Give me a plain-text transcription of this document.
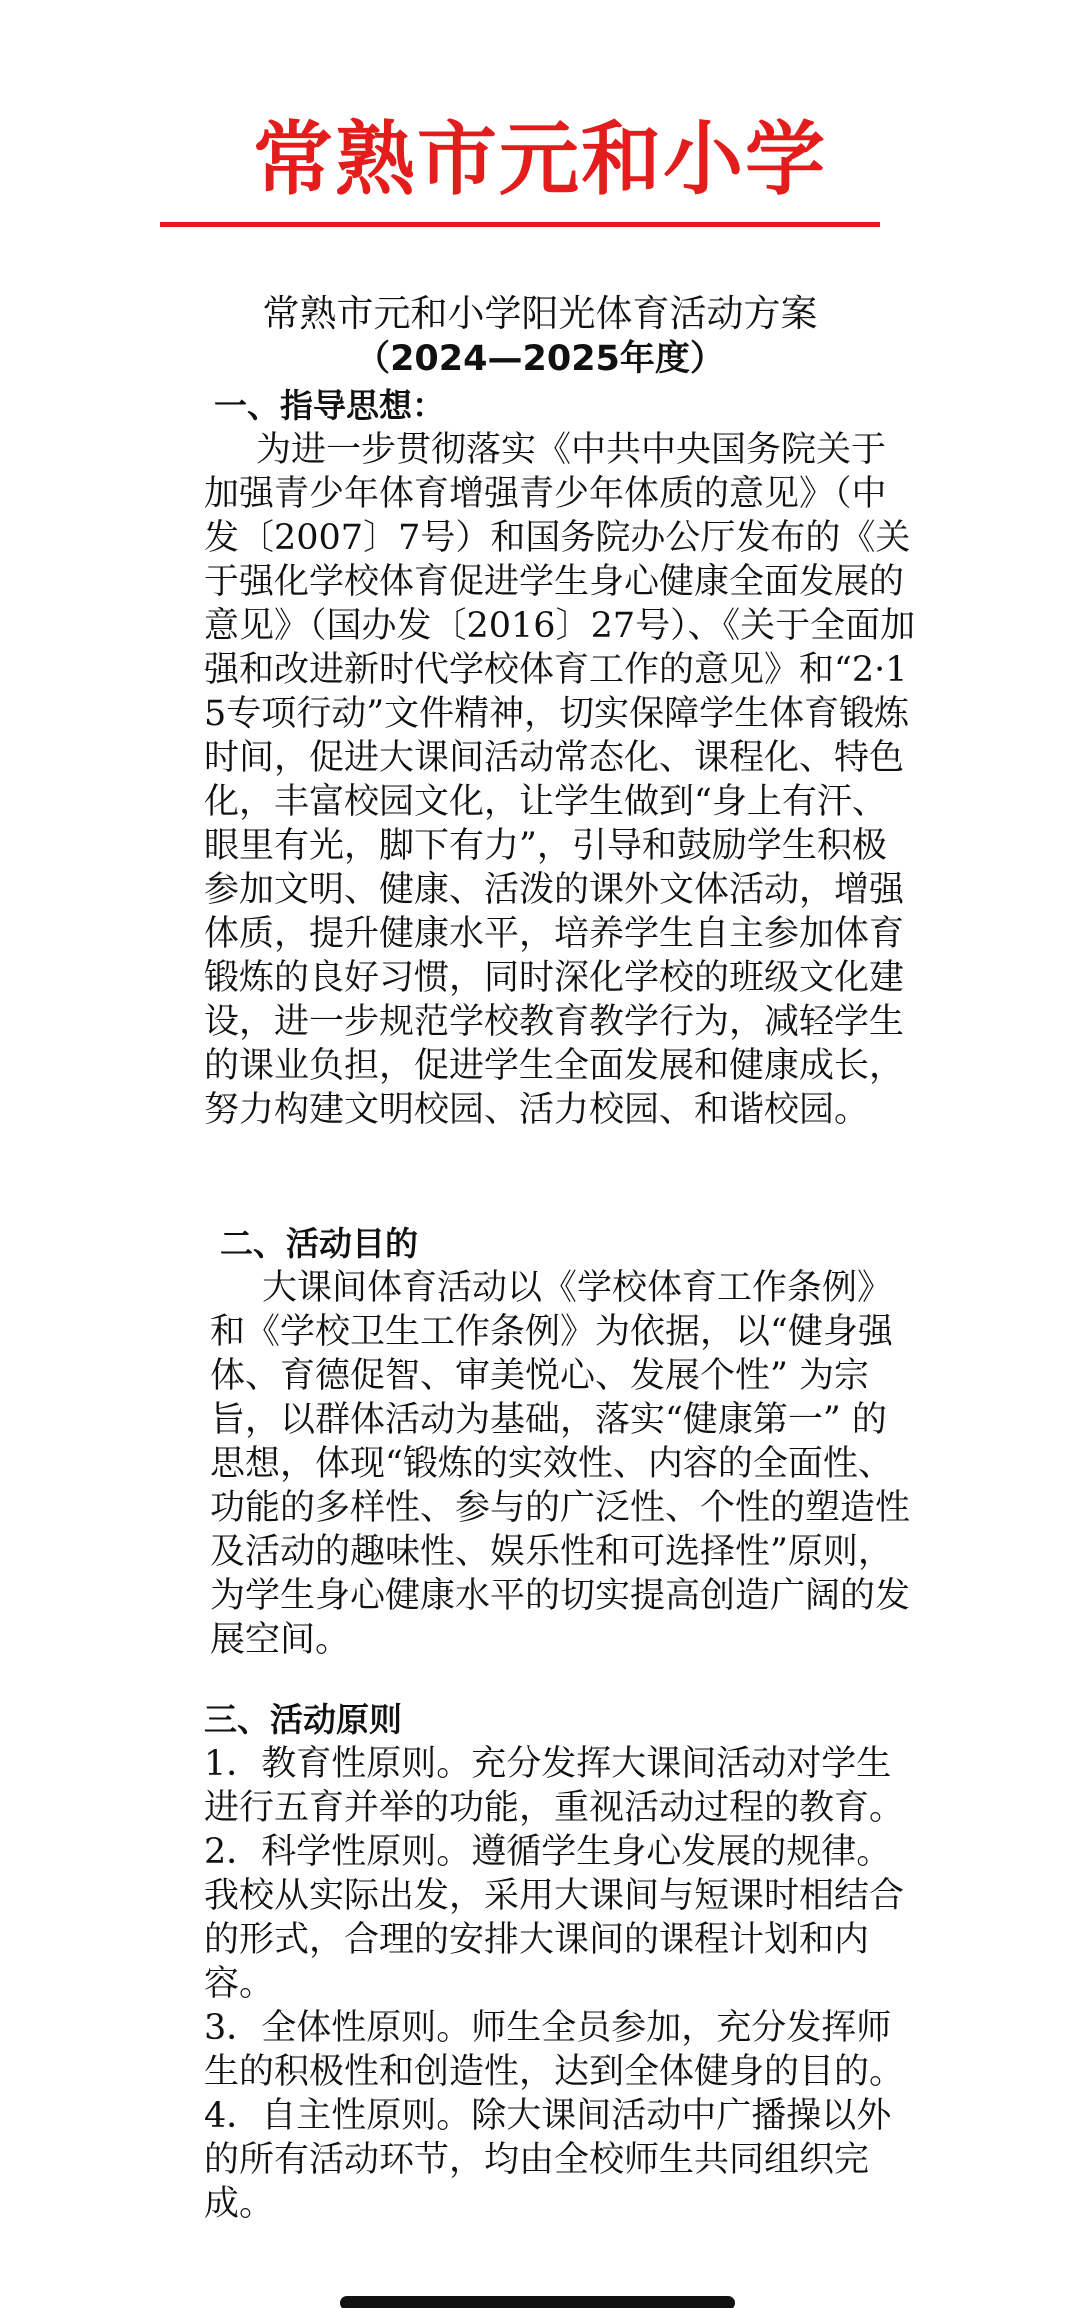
常熟市元和小学
常熟市元和小学阳光体育活动方案
（2024—2025年度）

一、指导思想：

为进一步贯彻落实《中共中央国务院关于加强青少年体育增强青少年体质的意见》（中发〔2007〕7号）和国务院办公厅发布的《关于强化学校体育促进学生身心健康全面发展的意见》（国办发〔2016〕27号）、《关于全面加强和改进新时代学校体育工作的意见》和“2·15专项行动”文件精神，切实保障学生体育锻炼时间，促进大课间活动常态化、课程化、特色化，丰富校园文化，让学生做到“身上有汗、眼里有光，脚下有力”，引导和鼓励学生积极参加文明、健康、活泼的课外文体活动，增强体质，提升健康水平，培养学生自主参加体育锻炼的良好习惯，同时深化学校的班级文化建设，进一步规范学校教育教学行为，减轻学生的课业负担，促进学生全面发展和健康成长，努力构建文明校园、活力校园、和谐校园。

二、活动目的

大课间体育活动以《学校体育工作条例》和《学校卫生工作条例》为依据，以“健身强体、育德促智、审美悦心、发展个性” 为宗旨，以群体活动为基础，落实“健康第一” 的思想，体现“锻炼的实效性、内容的全面性、功能的多样性、参与的广泛性、个性的塑造性及活动的趣味性、娱乐性和可选择性”原则，为学生身心健康水平的切实提高创造广阔的发展空间。

三、活动原则

1．教育性原则。充分发挥大课间活动对学生进行五育并举的功能，重视活动过程的教育。

2．科学性原则。遵循学生身心发展的规律。我校从实际出发，采用大课间与短课时相结合的形式，合理的安排大课间的课程计划和内容。

3．全体性原则。师生全员参加，充分发挥师生的积极性和创造性，达到全体健身的目的。

4．自主性原则。除大课间活动中广播操以外的所有活动环节，均由全校师生共同组织完成。
